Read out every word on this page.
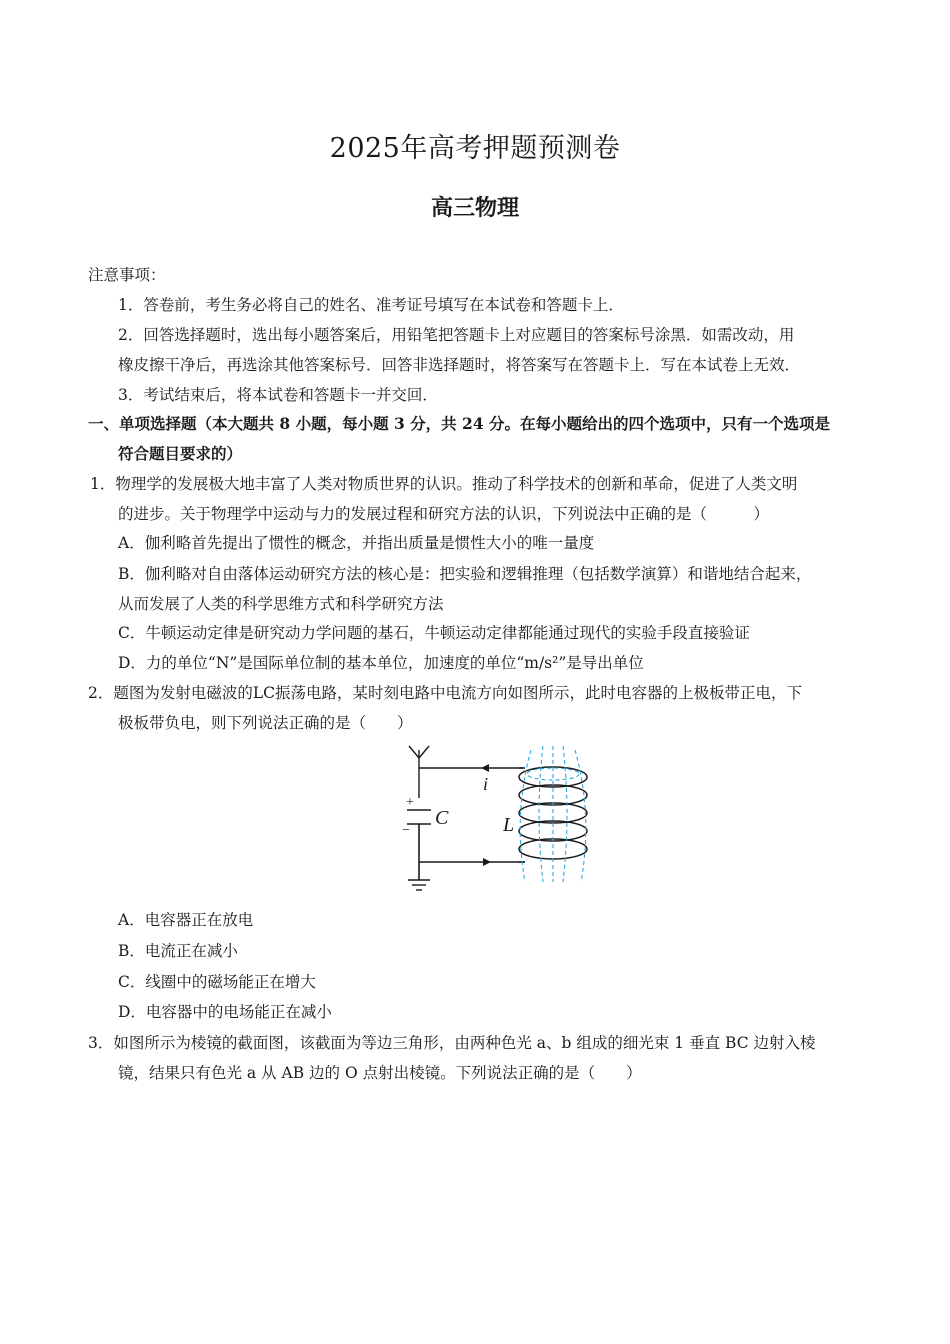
2025年高考押题预测卷
高三物理
注意事项：
1．答卷前，考生务必将自己的姓名、准考证号填写在本试卷和答题卡上．
2．回答选择题时，选出每小题答案后，用铅笔把答题卡上对应题目的答案标号涂黑．如需改动，用
橡皮擦干净后，再选涂其他答案标号．回答非选择题时，将答案写在答题卡上．写在本试卷上无效．
3．考试结束后，将本试卷和答题卡一并交回．
一、单项选择题（本大题共 8 小题，每小题 3 分，共 24 分。在每小题给出的四个选项中，只有一个选项是
符合题目要求的）
1．物理学的发展极大地丰富了人类对物质世界的认识。推动了科学技术的创新和革命，促进了人类文明
的进步。关于物理学中运动与力的发展过程和研究方法的认识，下列说法中正确的是（　　　）
A．伽利略首先提出了惯性的概念，并指出质量是惯性大小的唯一量度
B．伽利略对自由落体运动研究方法的核心是：把实验和逻辑推理（包括数学演算）和谐地结合起来，
从而发展了人类的科学思维方式和科学研究方法
C．牛顿运动定律是研究动力学问题的基石，牛顿运动定律都能通过现代的实验手段直接验证
D．力的单位“N”是国际单位制的基本单位，加速度的单位“m/s²”是导出单位
2．题图为发射电磁波的LC振荡电路，某时刻电路中电流方向如图所示，此时电容器的上极板带正电，下
极板带负电，则下列说法正确的是（　　）
i
C	L
+
−
A．电容器正在放电
B．电流正在减小
C．线圈中的磁场能正在增大
D．电容器中的电场能正在减小
3．如图所示为棱镜的截面图，该截面为等边三角形，由两种色光 a、b 组成的细光束 1 垂直 BC 边射入棱
镜，结果只有色光 a 从 AB 边的 O 点射出棱镜。下列说法正确的是（　　）
